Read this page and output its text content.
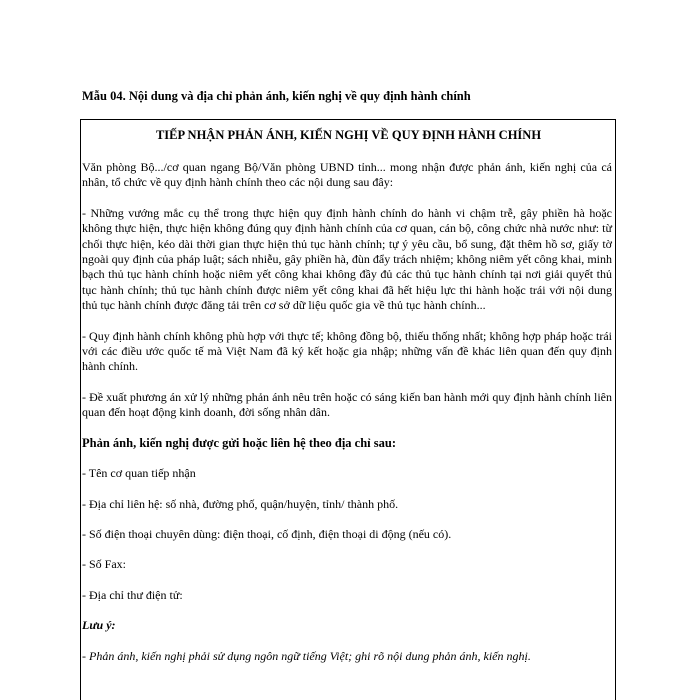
Mẫu 04. Nội dung và địa chỉ phản ánh, kiến nghị về quy định hành chính
TIẾP NHẬN PHẢN ÁNH, KIẾN NGHỊ VỀ QUY ĐỊNH HÀNH CHÍNH
Văn phòng Bộ.../cơ quan ngang Bộ/Văn phòng UBND tỉnh... mong nhận được phản ánh, kiến nghị của cá nhân, tổ chức về quy định hành chính theo các nội dung sau đây:
- Những vướng mắc cụ thể trong thực hiện quy định hành chính do hành vi chậm trễ, gây phiền hà hoặc không thực hiện, thực hiện không đúng quy định hành chính của cơ quan, cán bộ, công chức nhà nước như: từ chối thực hiện, kéo dài thời gian thực hiện thủ tục hành chính; tự ý yêu cầu, bổ sung, đặt thêm hồ sơ, giấy tờ ngoài quy định của pháp luật; sách nhiễu, gây phiền hà, đùn đẩy trách nhiệm; không niêm yết công khai, minh bạch thủ tục hành chính hoặc niêm yết công khai không đầy đủ các thủ tục hành chính tại nơi giải quyết thủ tục hành chính; thủ tục hành chính được niêm yết công khai đã hết hiệu lực thi hành hoặc trái với nội dung thủ tục hành chính được đăng tải trên cơ sở dữ liệu quốc gia về thủ tục hành chính...
- Quy định hành chính không phù hợp với thực tế; không đồng bộ, thiếu thống nhất; không hợp pháp hoặc trái với các điều ước quốc tế mà Việt Nam đã ký kết hoặc gia nhập; những vấn đề khác liên quan đến quy định hành chính.
- Đề xuất phương án xử lý những phản ánh nêu trên hoặc có sáng kiến ban hành mới quy định hành chính liên quan đến hoạt động kinh doanh, đời sống nhân dân.
Phản ánh, kiến nghị được gửi hoặc liên hệ theo địa chỉ sau:
- Tên cơ quan tiếp nhận
- Địa chỉ liên hệ: số nhà, đường phố, quận/huyện, tỉnh/ thành phố.
- Số điện thoại chuyên dùng: điện thoại, cố định, điện thoại di động (nếu có).
- Số Fax:
- Địa chỉ thư điện tử:
Lưu ý:
- Phản ánh, kiến nghị phải sử dụng ngôn ngữ tiếng Việt; ghi rõ nội dung phản ánh, kiến nghị.
